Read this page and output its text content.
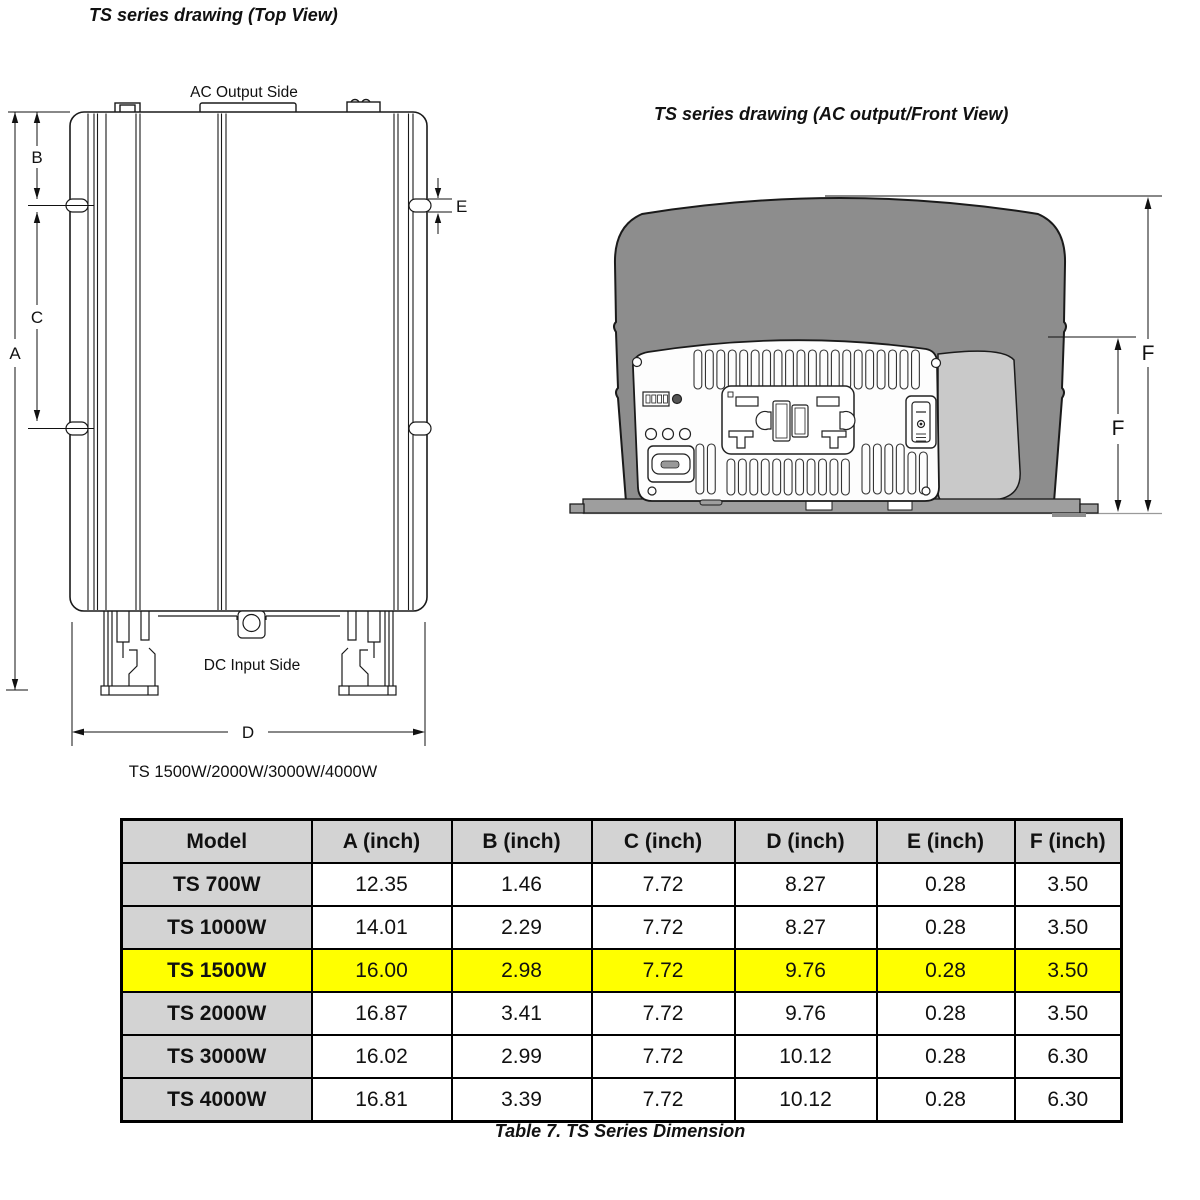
TS series drawing (Top View)
TS series drawing (AC output/Front View)
AC Output Side
DC Input Side
A
B
C
D
E
TS 1500W/2000W/3000W/4000W
F
F
Model	A (inch)	B (inch)	C (inch)	D (inch)	E (inch)	F (inch)
TS 700W	12.35	1.46	7.72	8.27	0.28	3.50
TS 1000W	14.01	2.29	7.72	8.27	0.28	3.50
TS 1500W	16.00	2.98	7.72	9.76	0.28	3.50
TS 2000W	16.87	3.41	7.72	9.76	0.28	3.50
TS 3000W	16.02	2.99	7.72	10.12	0.28	6.30
TS 4000W	16.81	3.39	7.72	10.12	0.28	6.30
Table 7. TS Series Dimension
